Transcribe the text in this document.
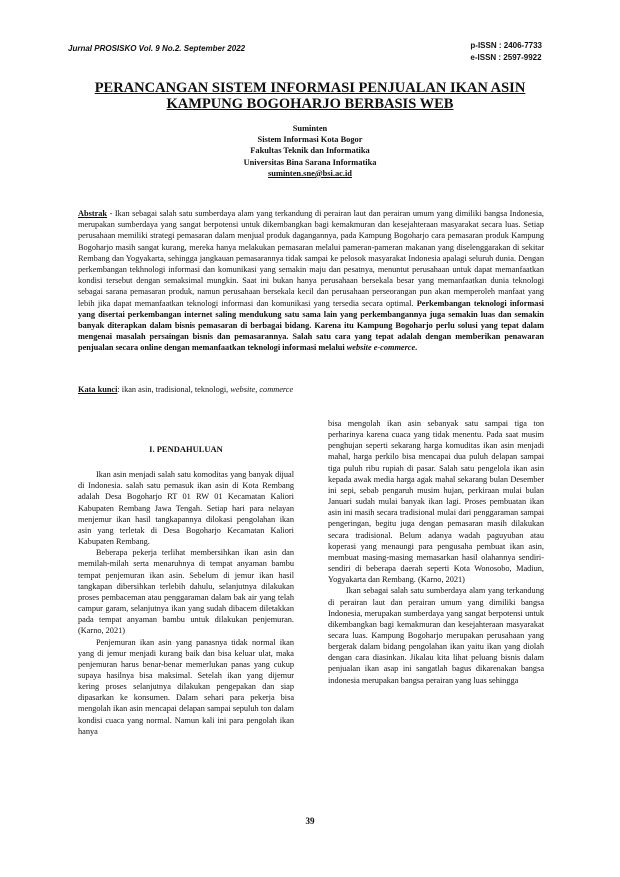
Jurnal PROSISKO Vol. 9 No.2. September 2022	p-ISSN : 2406-7733
e-ISSN : 2597-9922
PERANCANGAN SISTEM INFORMASI PENJUALAN IKAN ASIN
KAMPUNG BOGOHARJO BERBASIS WEB
Suminten
Sistem Informasi Kota Bogor
Fakultas Teknik dan Informatika
Universitas Bina Sarana Informatika
suminten.sne@bsi.ac.id
Abstrak - Ikan sebagai salah satu sumberdaya alam yang terkandung di perairan laut dan perairan umum yang dimiliki bangsa Indonesia, merupakan sumberdaya yang sangat berpotensi untuk dikembangkan bagi kemakmuran dan kesejahteraan masyarakat secara luas. Setiap perusahaan memiliki strategi pemasaran dalam menjual produk dagangannya, pada Kampung Bogoharjo cara pemasaran produk Kampung Bogoharjo masih sangat kurang, mereka hanya melakukan pemasaran melalui pameran-pameran makanan yang diselenggarakan di sekitar Rembang dan Yogyakarta, sehingga jangkauan pemasarannya tidak sampai ke pelosok masyarakat Indonesia apalagi seluruh dunia. Dengan perkembangan tekhnologi informasi dan komunikasi yang semakin maju dan pesatnya, menuntut perusahaan untuk dapat memanfaatkan kondisi tersebut dengan semaksimal mungkin. Saat ini bukan hanya perusahaan bersekala besar yang memanfaatkan dunia teknologi sebagai sarana pemasaran produk, namun perusahaan bersekala kecil dan perusahaan perseorangan pun akan memperoleh manfaat yang lebih jika dapat memanfaatkan teknologi informasi dan komunikasi yang tersedia secara optimal. Perkembangan teknologi informasi yang disertai perkembangan internet saling mendukung satu sama lain yang perkembangannya juga semakin luas dan semakin banyak diterapkan dalam bisnis pemasaran di berbagai bidang. Karena itu Kampung Bogoharjo perlu solusi yang tepat dalam mengenai masalah persaingan bisnis dan pemasarannya. Salah satu cara yang tepat adalah dengan memberikan penawaran penjualan secara online dengan memanfaatkan teknologi informasi melalui website e-commerce.
Kata kunci: ikan asin, tradisional, teknologi, website, commerce
I. PENDAHULUAN

Ikan asin menjadi salah satu komoditas yang banyak dijual di Indonesia. salah satu pemasuk ikan asin di Kota Rembang adalah Desa Bogoharjo RT 01 RW 01 Kecamatan Kaliori Kabupaten Rembang Jawa Tengah. Setiap hari para nelayan menjemur ikan hasil tangkapannya dilokasi pengolahan ikan asin yang terletak di Desa Bogoharjo Kecamatan Kaliori Kabupaten Rembang.

Beberapa pekerja terlihat membersihkan ikan asin dan memilah-milah serta menaruhnya di tempat anyaman bambu tempat penjemuran ikan asin. Sebelum di jemur ikan hasil tangkapan dibersihkan terlebih dahulu, selanjutnya dilakukan proses pembaceman atau penggaraman dalam bak air yang telah campur garam, selanjutnya ikan yang sudah dibacem diletakkan pada tempat anyaman bambu untuk dilakukan penjemuran. (Karno, 2021)

Penjemuran ikan asin yang panasnya tidak normal ikan yang di jemur menjadi kurang baik dan bisa keluar ulat, maka penjemuran harus benar-benar memerlukan panas yang cukup supaya hasilnya bisa maksimal. Setelah ikan yang dijemur kering proses selanjutnya dilakukan pengepakan dan siap dipasarkan ke konsumen. Dalam sehari para pekerja bisa mengolah ikan asin mencapai delapan sampai sepuluh ton dalam kondisi cuaca yang normal. Namun kali ini para pengolah ikan hanya

bisa mengolah ikan asin sebanyak satu sampai tiga ton perharinya karena cuaca yang tidak menentu. Pada saat musim penghujan seperti sekarang harga komuditas ikan asin menjadi mahal, harga perkilo bisa mencapai dua puluh delapan sampai tiga puluh ribu rupiah di pasar. Salah satu pengelola ikan asin kepada awak media harga agak mahal sekarang bulan Desember ini sepi, sebab pengaruh musim hujan, perkiraan mulai bulan Januari sudah mulai banyak ikan lagi. Proses pembuatan ikan asin ini masih secara tradisional mulai dari penggaraman sampai pengeringan, begitu juga dengan pemasaran masih dilakukan secara tradisional. Belum adanya wadah paguyuban atau koperasi yang menaungi para pengusaha pembuat ikan asin, membuat masing-masing memasarkan hasil olahannya sendiri- sendiri di beberapa daerah seperti Kota Wonosobo, Madiun, Yogyakarta dan Rembang. (Karno, 2021)

Ikan sebagai salah satu sumberdaya alam yang terkandung di perairan laut dan perairan umum yang dimiliki bangsa Indonesia, merupakan sumberdaya yang sangat berpotensi untuk dikembangkan bagi kemakmuran dan kesejahteraan masyarakat secara luas. Kampung Bogoharjo merupakan perusahaan yang bergerak dalam bidang pengolahan ikan yaitu ikan yang diolah dengan cara diasinkan. Jikalau kita lihat peluang bisnis dalam penjualan ikan asap ini sangatlah bagus dikarenakan bangsa indonesia merupakan bangsa perairan yang luas sehingga

39
